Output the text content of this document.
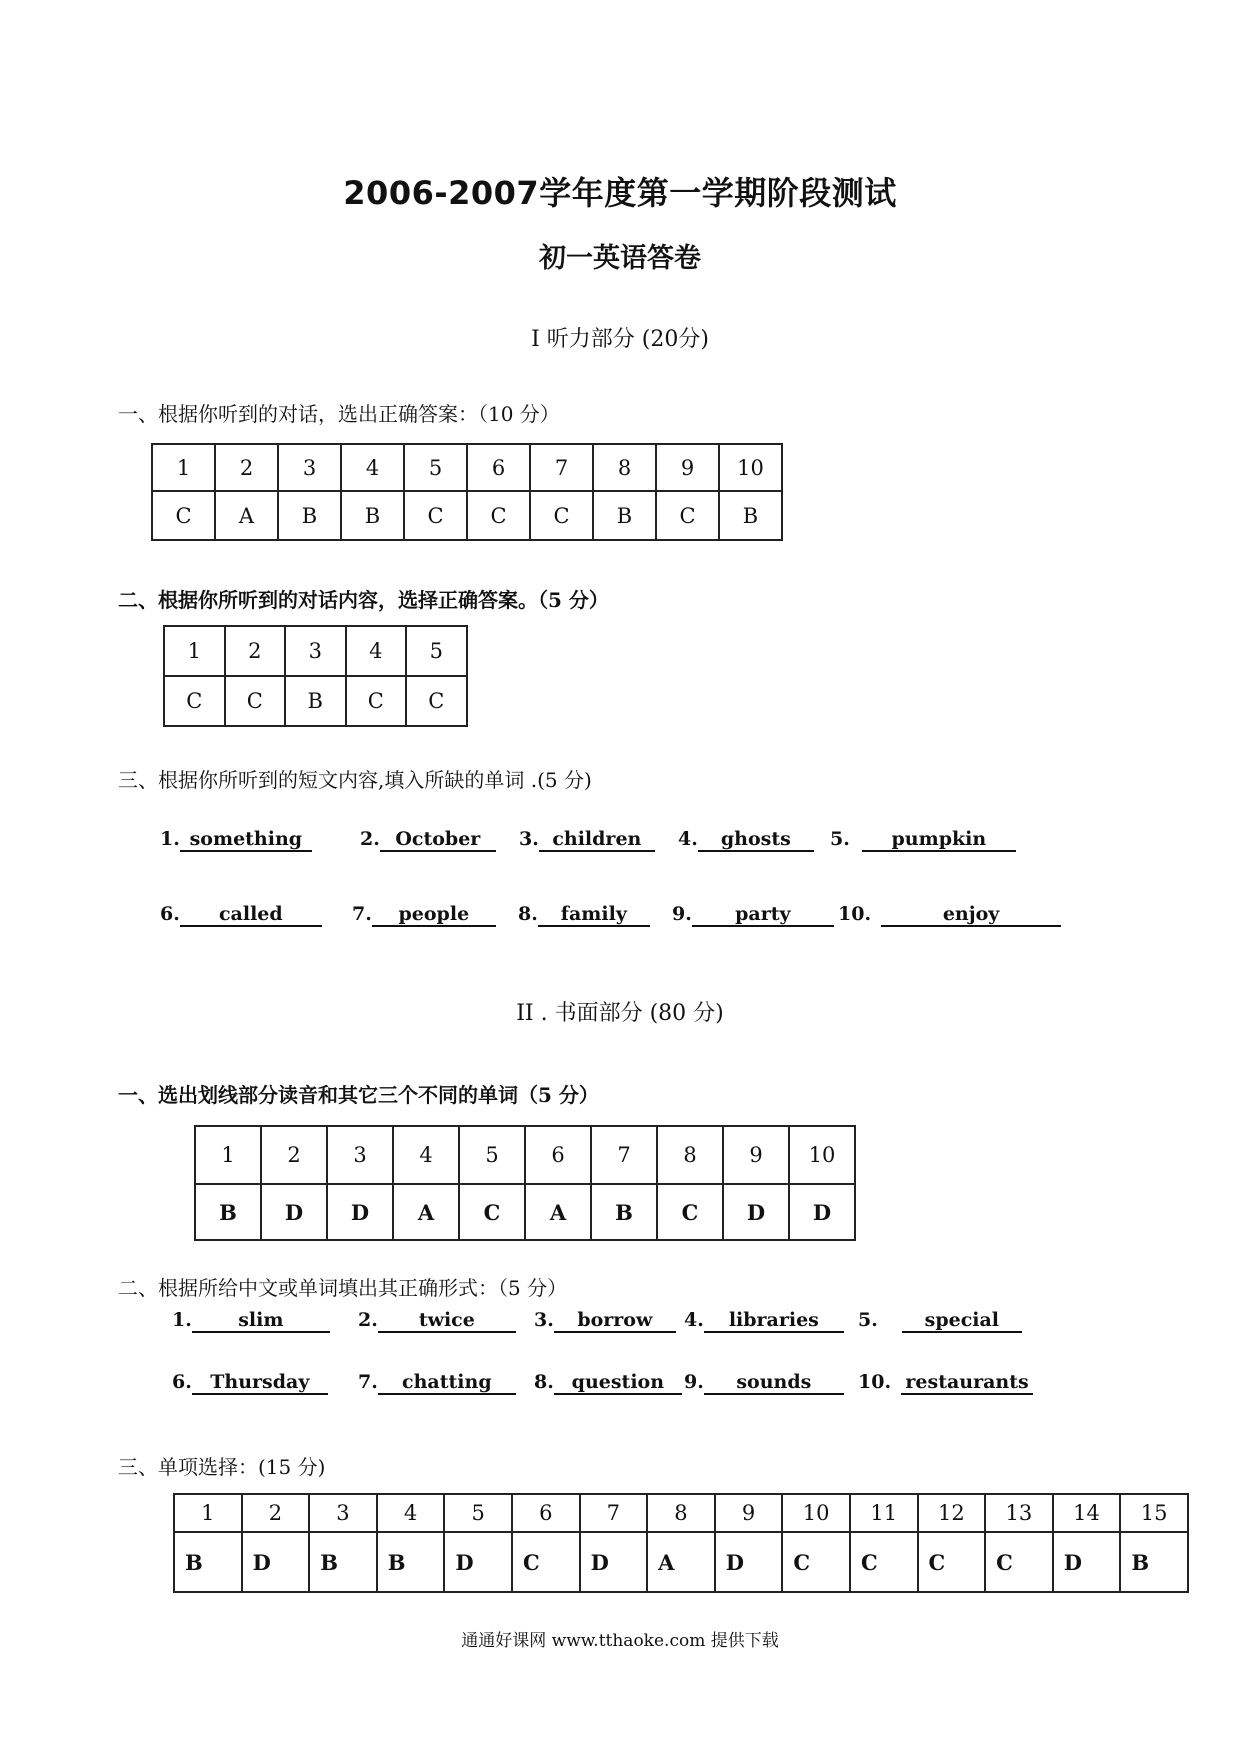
2006-2007学年度第一学期阶段测试
初一英语答卷
I 听力部分 (20分)
一、根据你听到的对话，选出正确答案：（10 分）
1	2	3	4	5	6	7	8	9	10
C	A	B	B	C	C	C	B	C	B
二、根据你所听到的对话内容，选择正确答案。（5 分）
1	2	3	4	5
C	C	B	C	C
三、根据你所听到的短文内容,填入所缺的单词 .(5 分)
1. something	2. October	3. children	4. ghosts	5. pumpkin
6. called	7. people	8. family	9. party	10.	enjoy
II . 书面部分 (80 分)
一、选出划线部分读音和其它三个不同的单词（5 分）
1	2	3	4	5	6	7	8	9	10
B	D	D	A	C	A	B	C	D	D
二、根据所给中文或单词填出其正确形式：（5 分）
1. slim	2. twice	3. borrow	4. libraries	5. special
6. Thursday	7. chatting	8. question	9. sounds	10. restaurants
三、单项选择：(15 分)
1	2	3	4	5	6	7	8	9	10	11	12	13	14	15
B	D	B	B	D	C	D	A	D	C	C	C	C	D	B
通通好课网 www.tthaoke.com 提供下载
